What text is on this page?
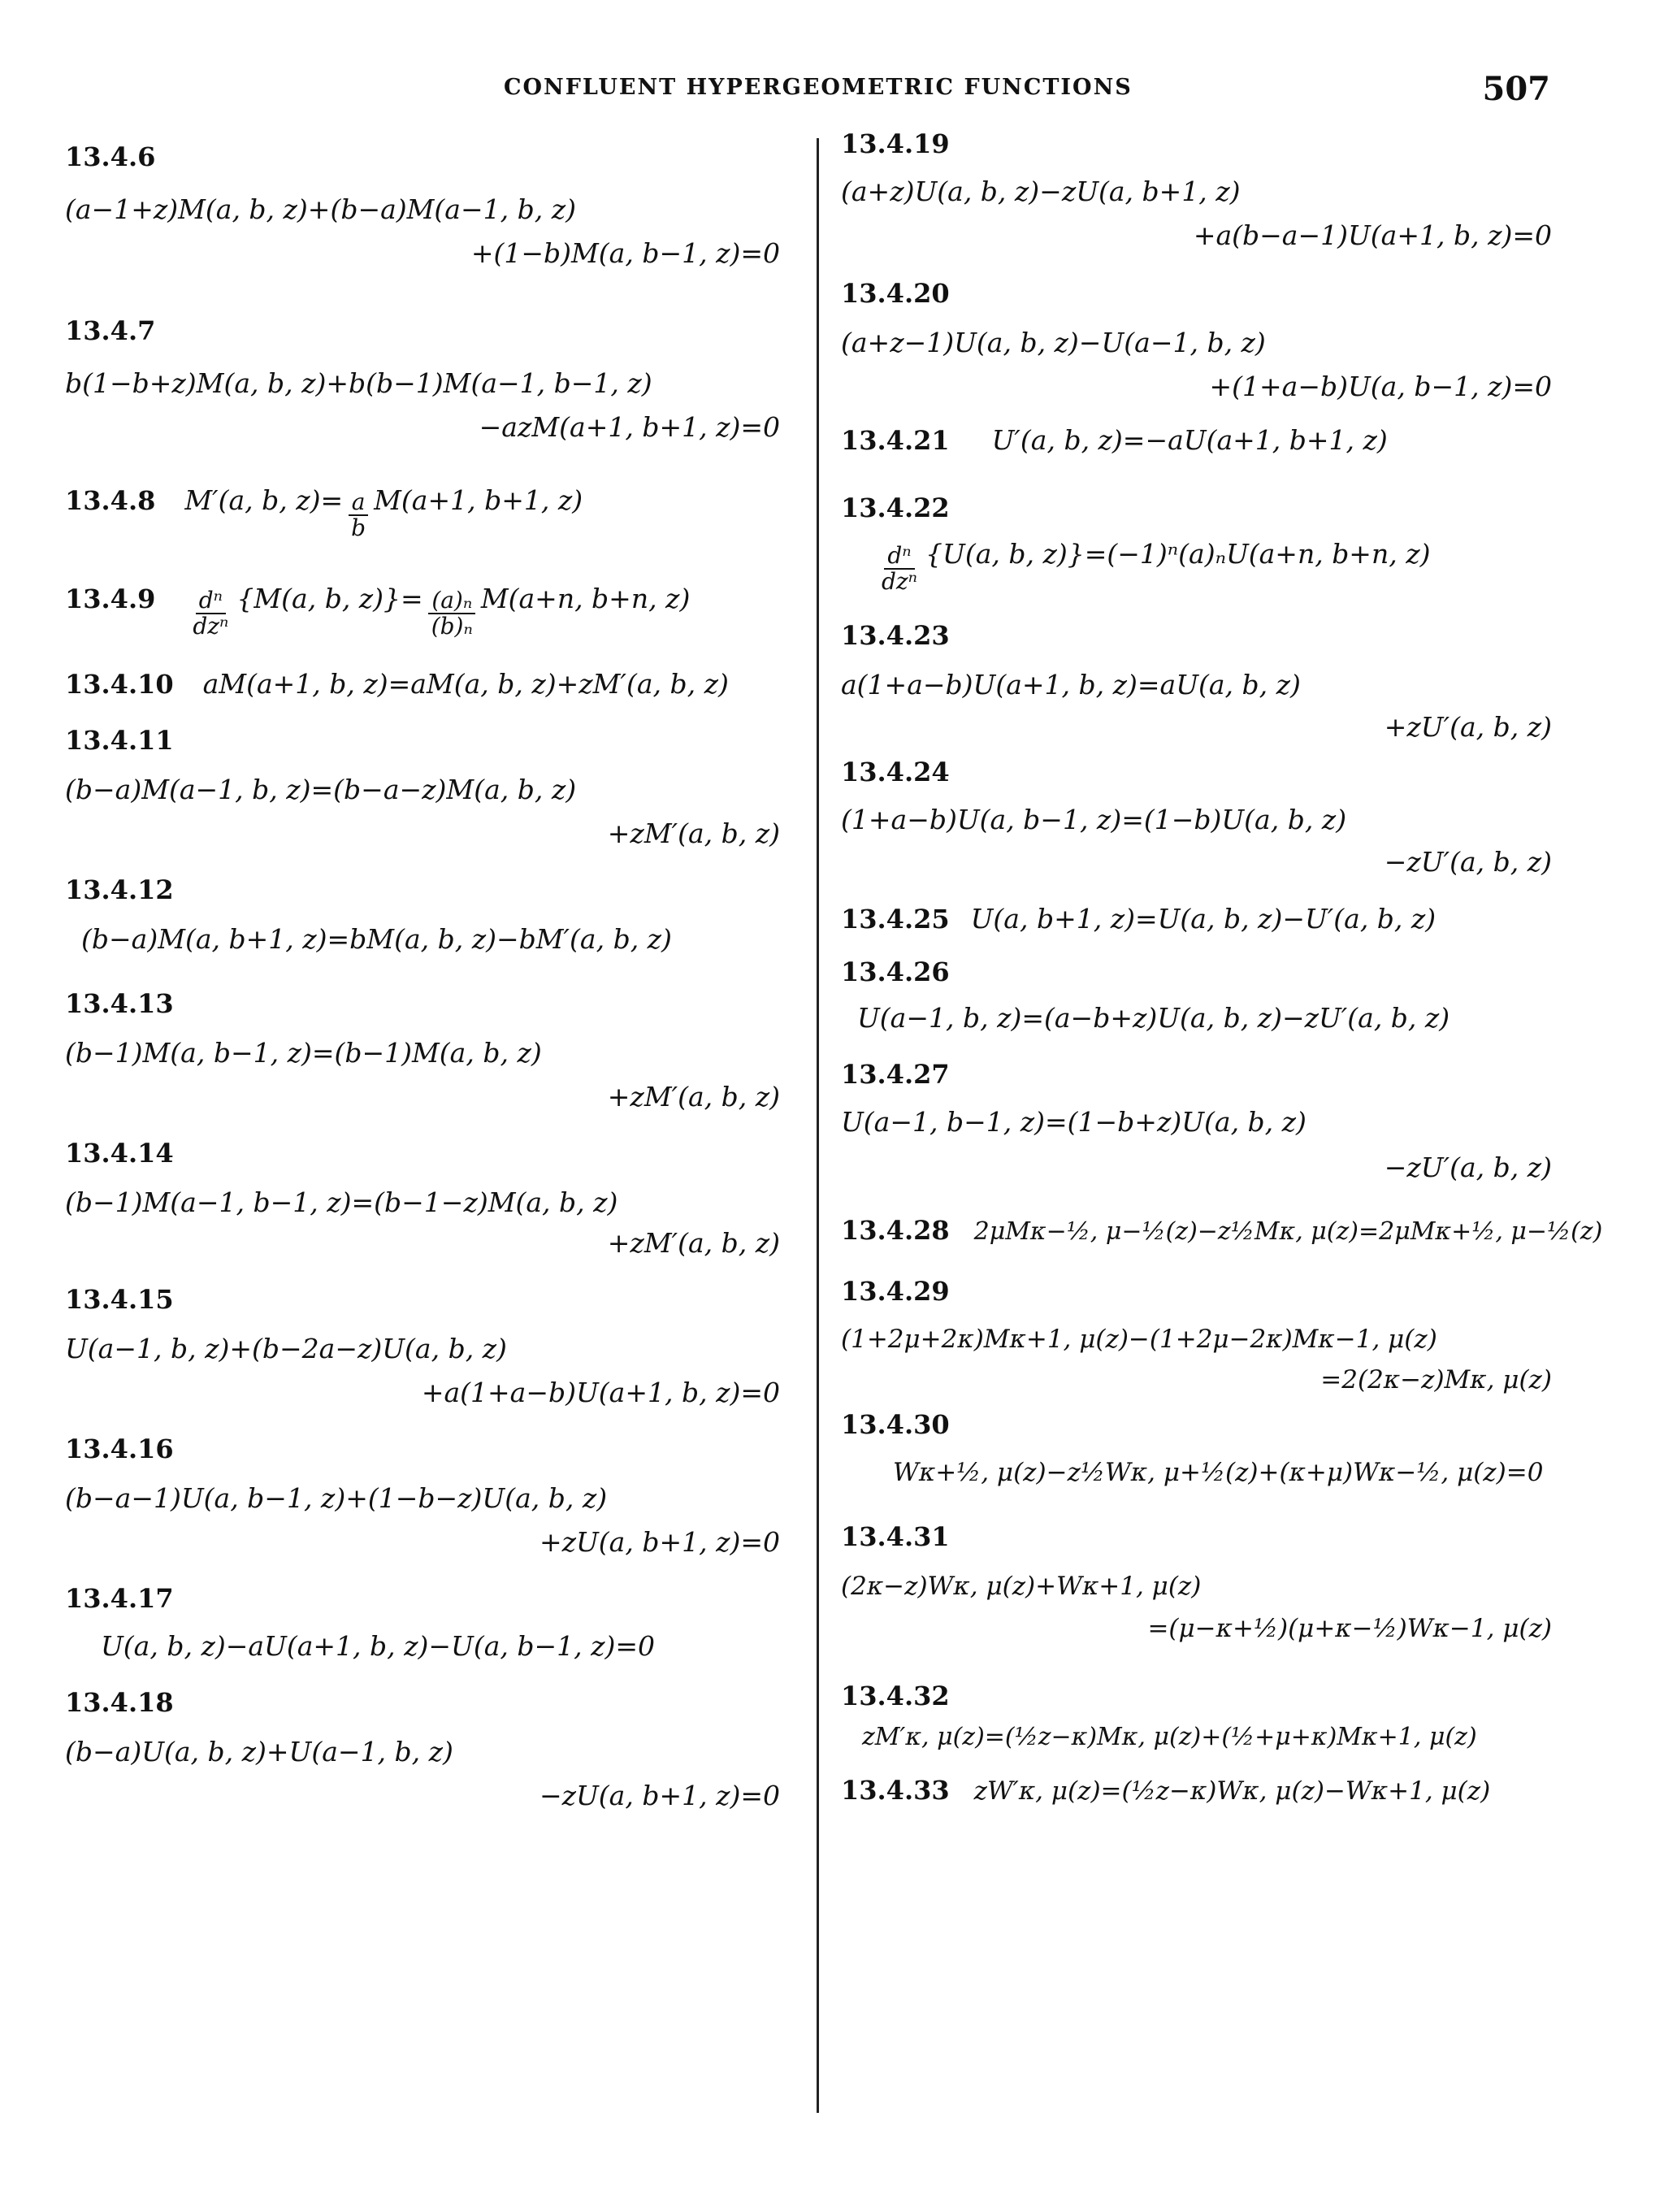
CONFLUENT HYPERGEOMETRIC FUNCTIONS	507
13.4.6
(a−1+z)M(a, b, z)+(b−a)M(a−1, b, z)
+(1−b)M(a, b−1, z)=0
13.4.7
b(1−b+z)M(a, b, z)+b(b−1)M(a−1, b−1, z)
−azM(a+1, b+1, z)=0
13.4.8 M′(a, b, $z)= \frac{a}{b} M(a+1$, b+1, z)
$13.4.9 \frac{\text{dⁿ}}{\text{dzⁿ}} \{M(a$, b, $z)\}= \frac{\text{(a)ₙ}}{\text{(b)ₙ}} M(a+n$, b+n, z)
13.4.10 aM(a+1, b, z)=aM(a, b, z)+zM′(a, b, z)
13.4.11
(b−a)M(a−1, b, z)=(b−a−z)M(a, b, z)
+zM′(a, b, z)
13.4.12
(b−a)M(a, b+1, z)=bM(a, b, z)−bM′(a, b, z)
13.4.13
(b−1)M(a, b−1, z)=(b−1)M(a, b, z)
+zM′(a, b, z)
13.4.14
(b−1)M(a−1, b−1, z)=(b−1−z)M(a, b, z)
+zM′(a, b, z)
13.4.15
U(a−1, b, z)+(b−2a−z)U(a, b, z)
+a(1+a−b)U(a+1, b, z)=0
13.4.16
(b−a−1)U(a, b−1, z)+(1−b−z)U(a, b, z)
+zU(a, b+1, z)=0
13.4.17
U(a, b, z)−aU(a+1, b, z)−U(a, b−1, z)=0
13.4.18
(b−a)U(a, b, z)+U(a−1, b, z)
−zU(a, b+1, z)=0
13.4.19
(a+z)U(a, b, z)−zU(a, b+1, z)
+a(b−a−1)U(a+1, b, z)=0
13.4.20
(a+z−1)U(a, b, z)−U(a−1, b, z)
+(1+a−b)U(a, b−1, z)=0
13.4.21 U′(a, b, z)=−aU(a+1, b+1, z)
13.4.22
$\frac{\text{dⁿ}}{\text{dzⁿ}} \{U(a$, b, z)}=(−1)ⁿ(a)ₙU(a+n, b+n, z)
13.4.23
a(1+a−b)U(a+1, b, z)=aU(a, b, z)
+zU′(a, b, z)
13.4.24
(1+a−b)U(a, b−1, z)=(1−b)U(a, b, z)
−zU′(a, b, z)
13.4.25 U(a, b+1, z)=U(a, b, z)−U′(a, b, z)
13.4.26
U(a−1, b, z)=(a−b+z)U(a, b, z)−zU′(a, b, z)
13.4.27
U(a−1, b−1, z)=(1−b+z)U(a, b, z)
−zU′(a, b, z)
13.4.28 2μMκ−½, μ−½(z)−z½Mκ, μ(z)=2μMκ+½, μ−½(z)
13.4.29
(1+2μ+2κ)Mκ+1, μ(z)−(1+2μ−2κ)Mκ−1, μ(z)
=2(2κ−z)Mκ, μ(z)
13.4.30
Wκ+½, μ(z)−z½Wκ, μ+½(z)+(κ+μ)Wκ−½, μ(z)=0
13.4.31
(2κ−z)Wκ, μ(z)+Wκ+1, μ(z)
=(μ−κ+½)(μ+κ−½)Wκ−1, μ(z)
13.4.32
zM′κ, μ(z)=(½z−κ)Mκ, μ(z)+(½+μ+κ)Mκ+1, μ(z)
13.4.33 zW′κ, μ(z)=(½z−κ)Wκ, μ(z)−Wκ+1, μ(z)
